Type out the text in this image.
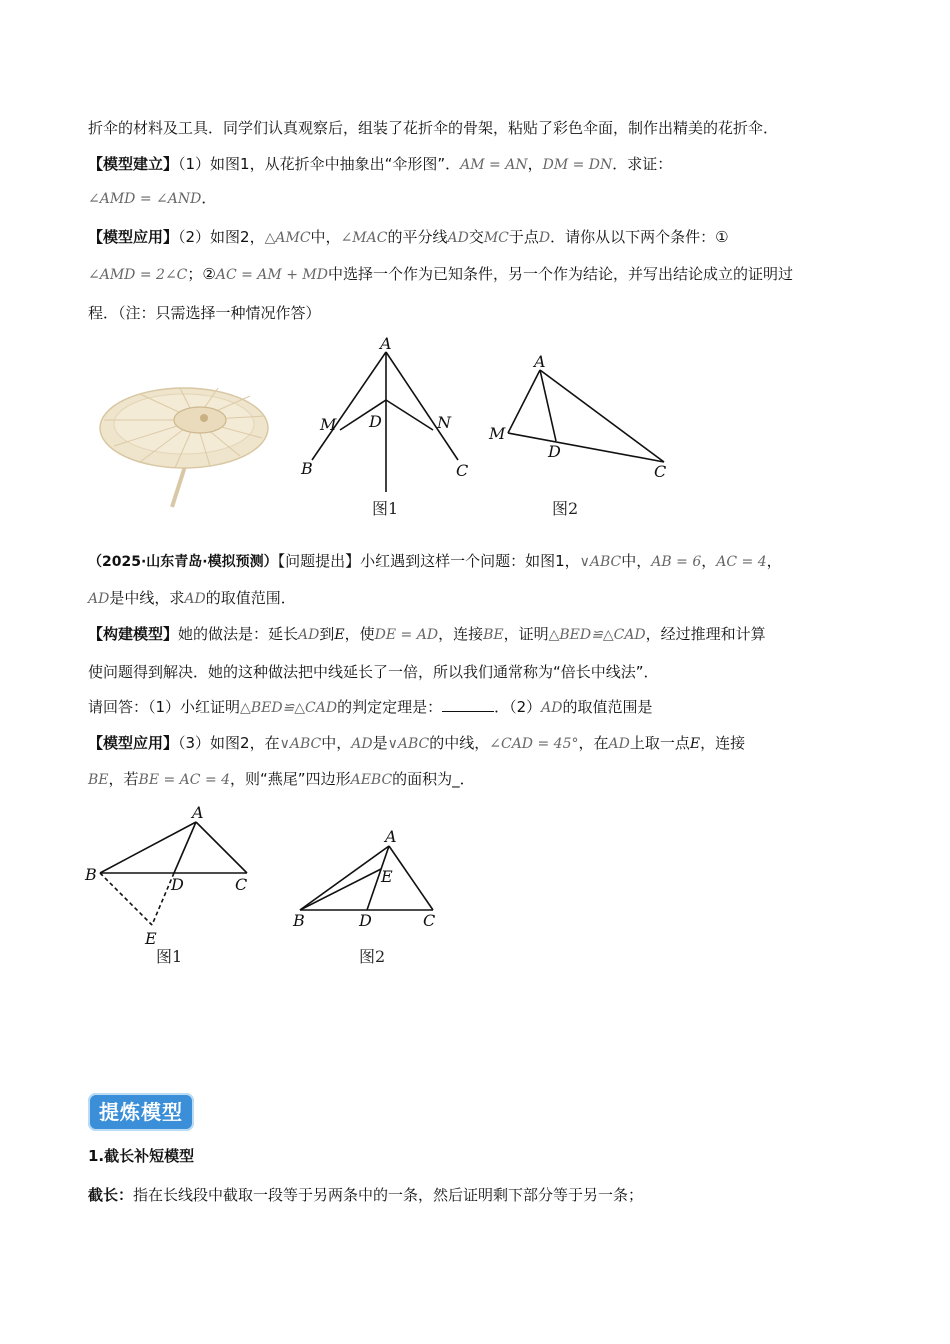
折伞的材料及工具．同学们认真观察后，组装了花折伞的骨架，粘贴了彩色伞面，制作出精美的花折伞．
【模型建立】（1）如图1，从花折伞中抽象出“伞形图”．AM = AN，DM = DN．求证：
∠AMD = ∠AND．
【模型应用】（2）如图2，△AMC中，∠MAC的平分线AD交MC于点D．请你从以下两个条件：①
∠AMD = 2∠C；②AC = AM + MD中选择一个作为已知条件，另一个作为结论，并写出结论成立的证明过
程．（注：只需选择一种情况作答）
A
M D	N
B	C
图1
A
M
D
C
图2
（2025·山东青岛·模拟预测）【问题提出】小红遇到这样一个问题：如图1，∨ABC中，AB = 6，AC = 4，
AD是中线，求AD的取值范围．
【构建模型】她的做法是：延长AD到E，使DE = AD，连接BE，证明△BED≌△CAD，经过推理和计算
使问题得到解决．她的这种做法把中线延长了一倍，所以我们通常称为“倍长中线法”．
请回答：（1）小红证明△BED≌△CAD的判定定理是：	．（2）AD的取值范围是
【模型应用】（3）如图2，在∨ABC中，AD是∨ABC的中线，∠CAD = 45°，在AD上取一点E，连接
BE，若BE = AC = 4，则“燕尾”四边形AEBC的面积为_．
A
B
D	C
E
图1
A
E
B	D	C
图2
提炼模型
1.截长补短模型
截长：指在长线段中截取一段等于另两条中的一条，然后证明剩下部分等于另一条；
